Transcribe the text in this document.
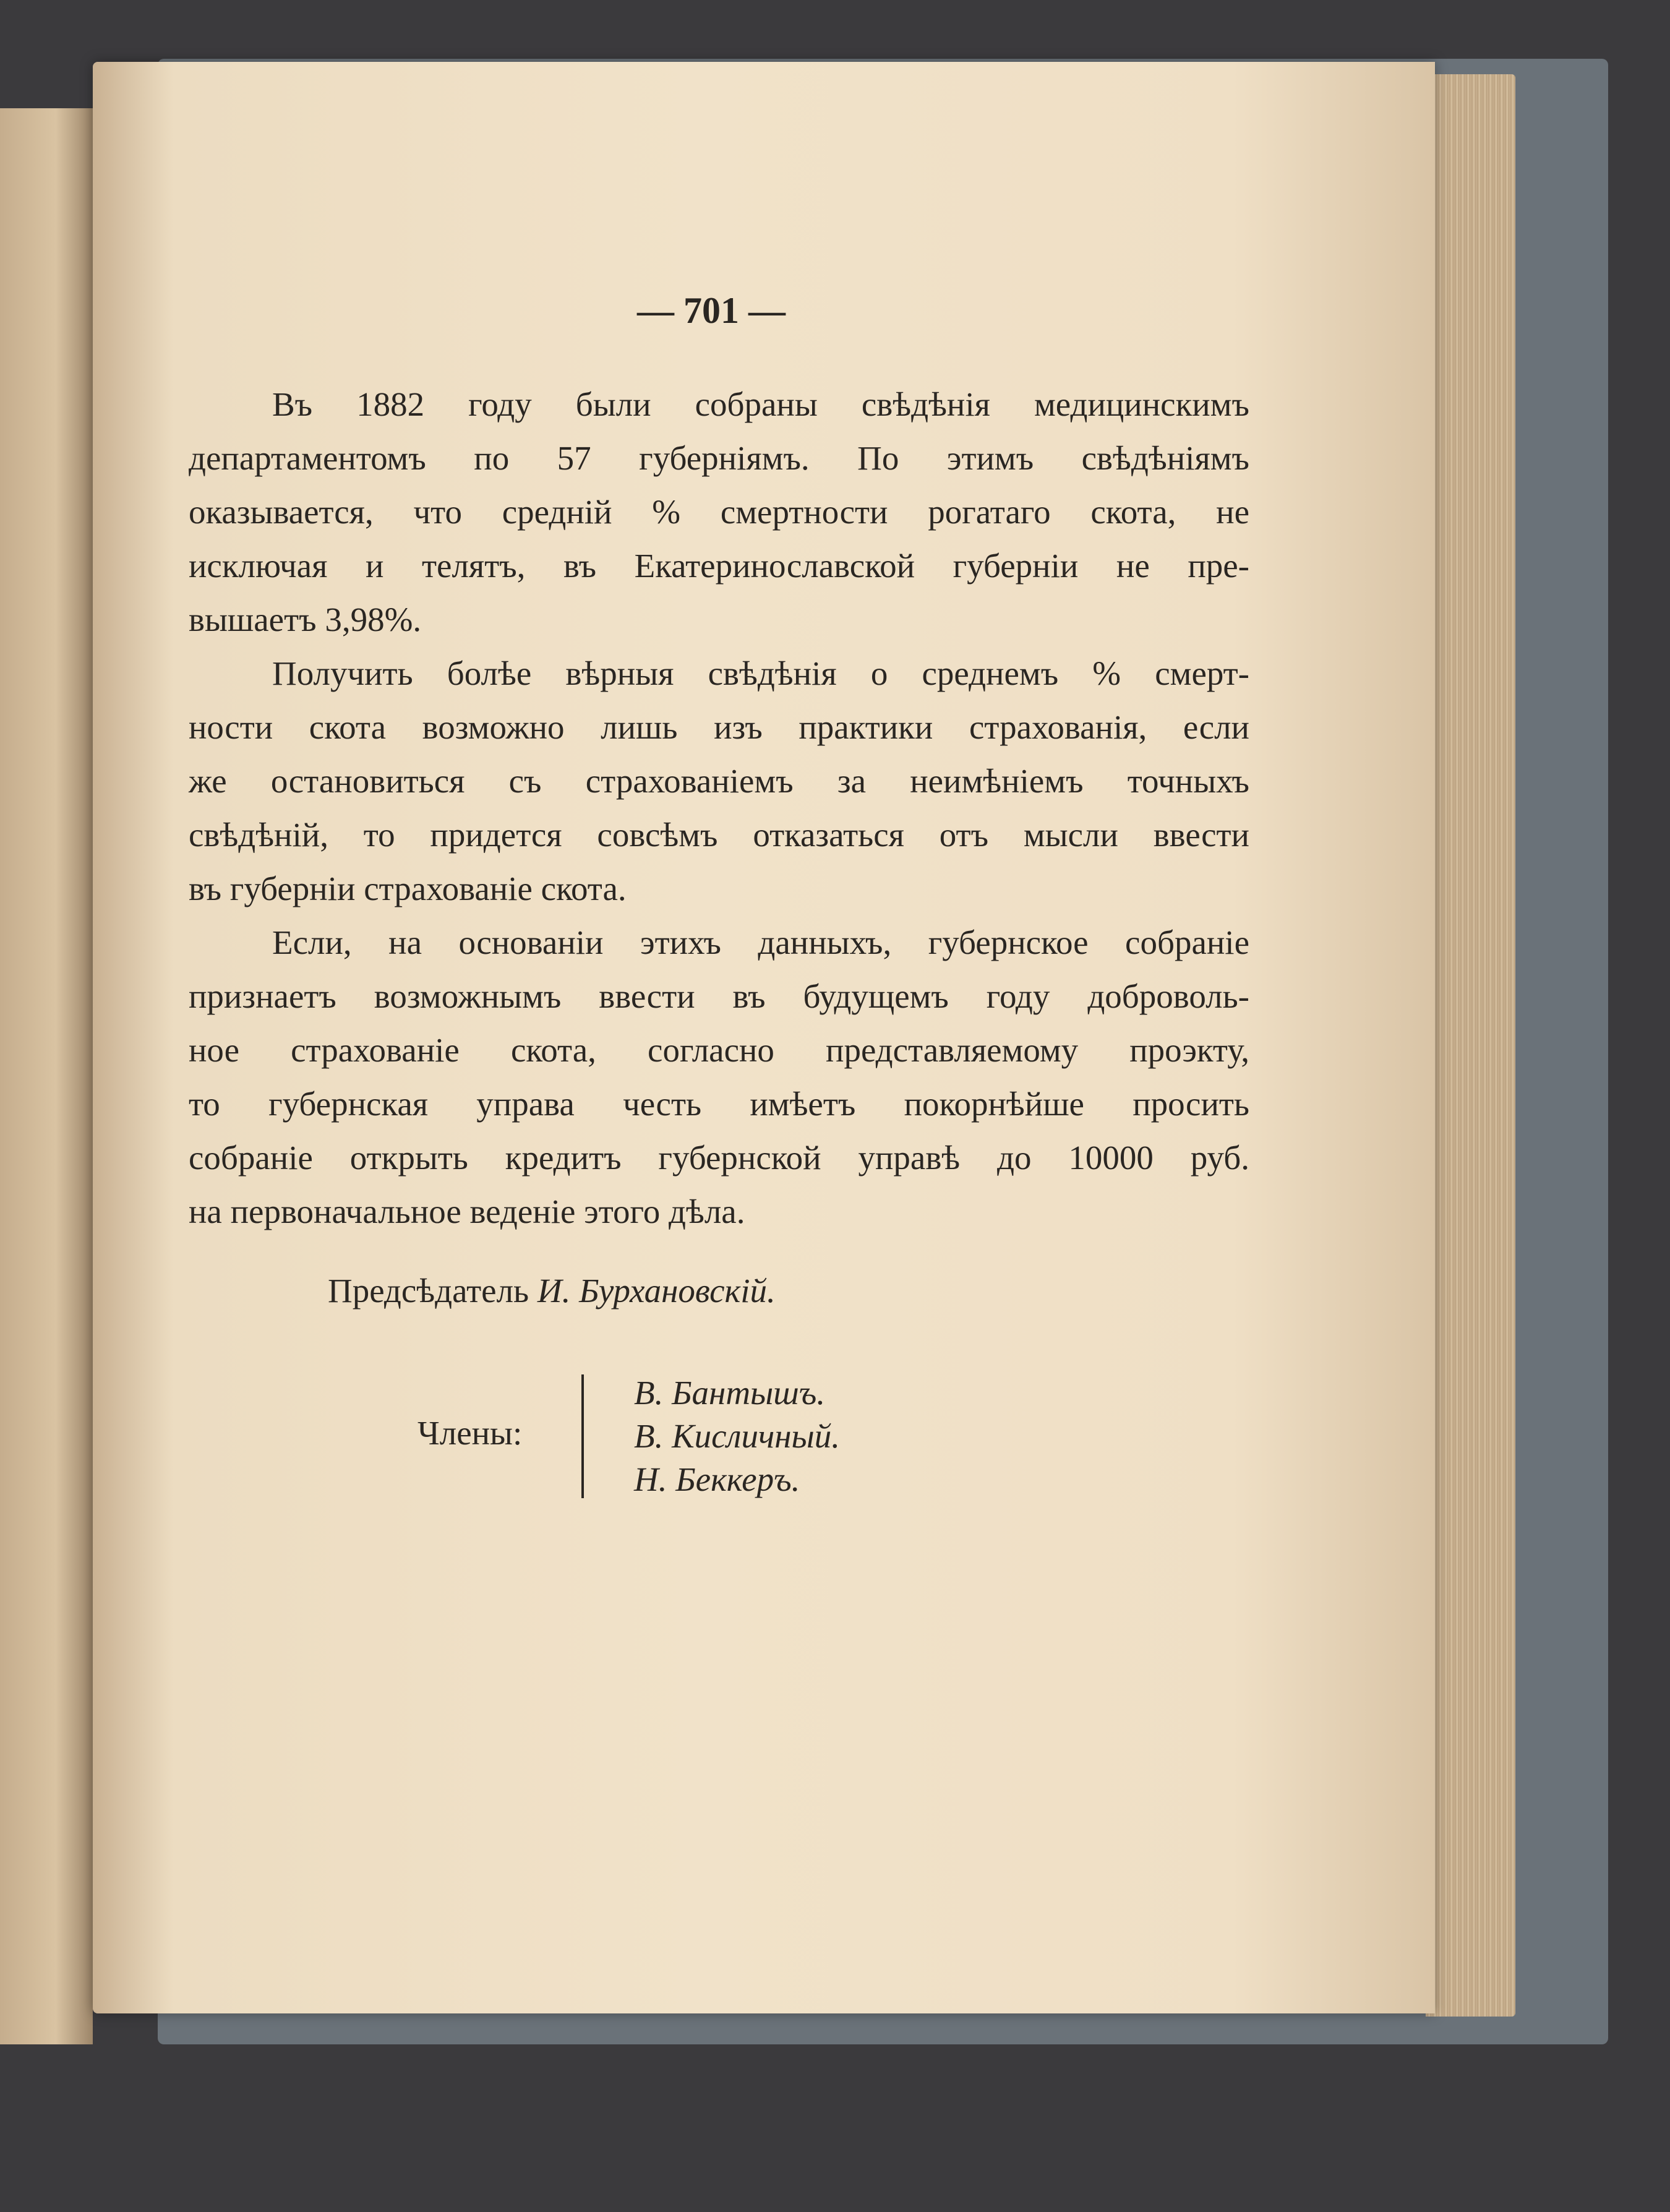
— 701 —
Въ 1882 году были собраны свѣдѣнія медицинскимъ
департаментомъ по 57 губерніямъ. По этимъ свѣдѣніямъ
оказывается, что среднiй % смертности рогатаго скота, не
исключая и телятъ, въ Екатеринославской губерніи не пре-
вышаетъ 3,98%.
Получить болѣе вѣрныя свѣдѣнія о среднемъ % смерт-
ности скота возможно лишь изъ практики страхованія, если
же остановиться съ страхованіемъ за неимѣніемъ точныхъ
свѣдѣній, то придется совсѣмъ отказаться отъ мысли ввести
въ губерніи страхованіе скота.
Если, на основаніи этихъ данныхъ, губернское собраніе
признаетъ возможнымъ ввести въ будущемъ году доброволь-
ное страхованіе скота, согласно представляемому проэкту,
то губернская управа честь имѣетъ покорнѣйше просить
собраніе открыть кредитъ губернской управѣ до 10000 руб.
на первоначальное веденіе этого дѣла.
Предсѣдатель И. Бурхановскій.
Члены:
В. Бантышъ.
В. Кисличный.
Н. Беккеръ.
